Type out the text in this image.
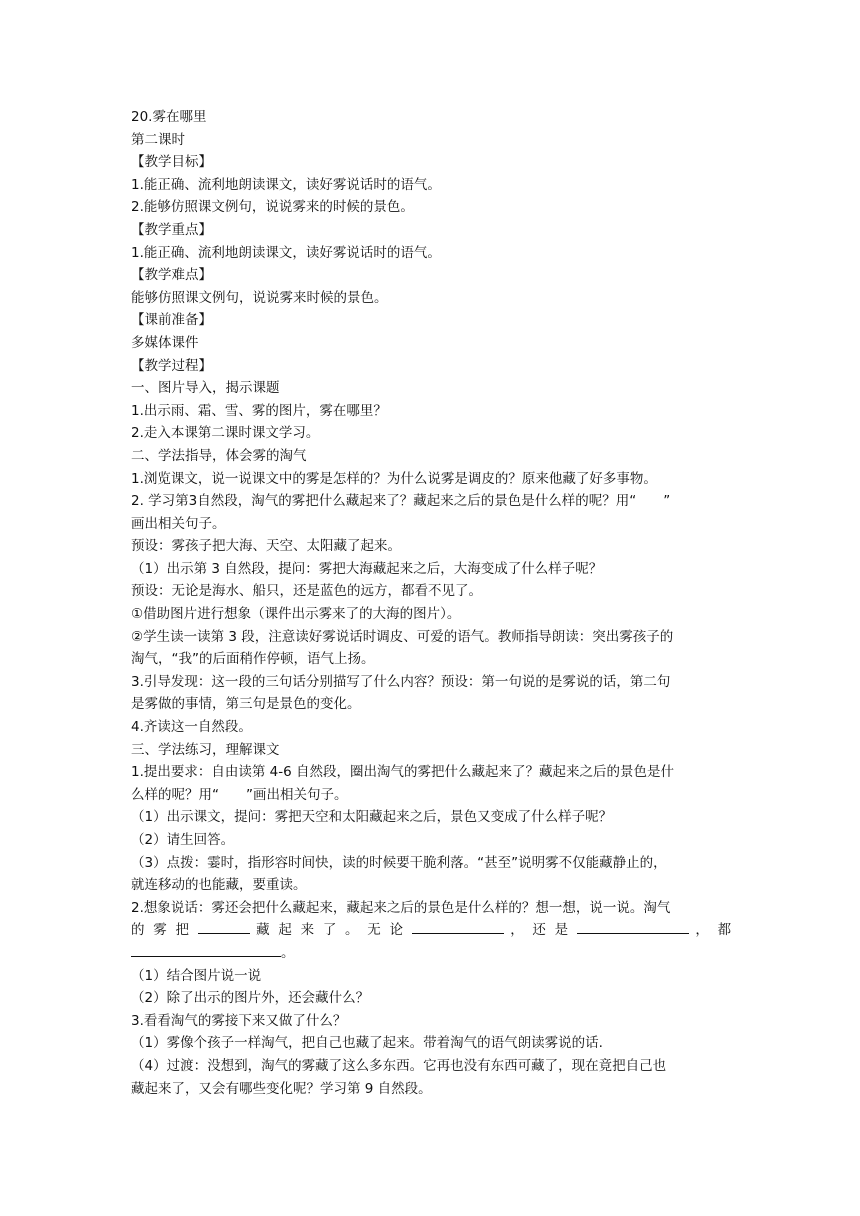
20.雾在哪里
第二课时
【教学目标】
1.能正确、流利地朗读课文，读好雾说话时的语气。
2.能够仿照课文例句，说说雾来的时候的景色。
【教学重点】
1.能正确、流利地朗读课文，读好雾说话时的语气。
【教学难点】
能够仿照课文例句，说说雾来时候的景色。
【课前准备】
多媒体课件
【教学过程】
一、图片导入，揭示课题
1.出示雨、霜、雪、雾的图片，雾在哪里？
2.走入本课第二课时课文学习。
二、学法指导，体会雾的淘气
1.浏览课文，说一说课文中的雾是怎样的？为什么说雾是调皮的？原来他藏了好多事物。
2. 学习第3自然段，淘气的雾把什么藏起来了？藏起来之后的景色是什么样的呢？用“　　”
画出相关句子。
预设：雾孩子把大海、天空、太阳藏了起来。
（1）出示第 3 自然段，提问：雾把大海藏起来之后，大海变成了什么样子呢？
预设：无论是海水、船只，还是蓝色的远方，都看不见了。
①借助图片进行想象（课件出示雾来了的大海的图片）。
②学生读一读第 3 段，注意读好雾说话时调皮、可爱的语气。教师指导朗读：突出雾孩子的
淘气，“我”的后面稍作停顿，语气上扬。
3.引导发现：这一段的三句话分别描写了什么内容？预设：第一句说的是雾说的话，第二句
是雾做的事情，第三句是景色的变化。
4.齐读这一自然段。
三、学法练习，理解课文
1.提出要求：自由读第 4-6 自然段，圈出淘气的雾把什么藏起来了？藏起来之后的景色是什
么样的呢？用“　　”画出相关句子。
（1）出示课文，提问：雾把天空和太阳藏起来之后，景色又变成了什么样子呢？
（2）请生回答。
（3）点拨：霎时，指形容时间快，读的时候要干脆利落。“甚至”说明雾不仅能藏静止的，
就连移动的也能藏，要重读。
2.想象说话：雾还会把什么藏起来，藏起来之后的景色是什么样的？想一想，说一说。淘气
的 雾 把	藏 起 来 了 。 无 论	， 还 是	， 都
。
（1）结合图片说一说
（2）除了出示的图片外，还会藏什么？
3.看看淘气的雾接下来又做了什么？
（1）雾像个孩子一样淘气，把自己也藏了起来。带着淘气的语气朗读雾说的话.
（4）过渡：没想到，淘气的雾藏了这么多东西。它再也没有东西可藏了，现在竟把自己也
藏起来了，又会有哪些变化呢？学习第 9 自然段。
